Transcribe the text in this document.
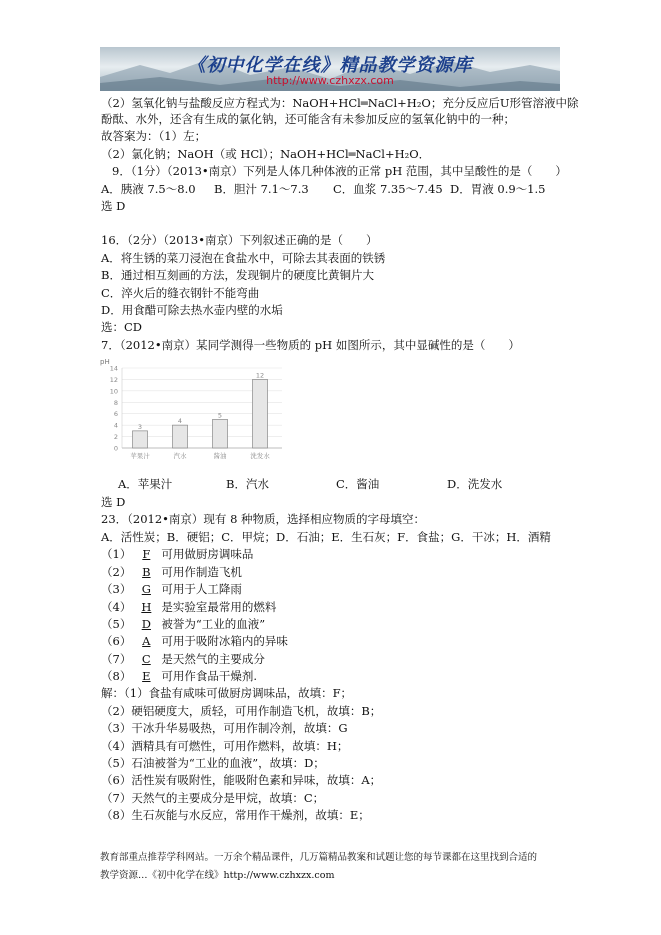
《初中化学在线》精品教学资源库
http://www.czhxzx.com
（2）氢氧化钠与盐酸反应方程式为：NaOH+HCl═NaCl+H₂O；充分反应后U形管溶液中除
酚酞、水外，还含有生成的氯化钠，还可能含有未参加反应的氢氧化钠中的一种；
故答案为：（1）左；
（2）氯化钠；NaOH（或 HCl）；NaOH+HCl═NaCl+H₂O．
9．（1分）（2013•南京）下列是人体几种体液的正常 pH 范围，其中呈酸性的是（　　）
A．胰液 7.5～8.0 B．胆汁 7.1～7.3 C．血浆 7.35～7.45 D．胃液 0.9～1.5
选 D
16．（2分）（2013•南京）下列叙述正确的是（　　）
A．将生锈的菜刀浸泡在食盐水中，可除去其表面的铁锈
B．通过相互刻画的方法，发现铜片的硬度比黄铜片大
C．淬火后的缝衣钢针不能弯曲
D．用食醋可除去热水壶内壁的水垢
选：CD
7．（2012•南京）某同学测得一些物质的 pH 如图所示，其中显碱性的是（　　）
pH
0
2
4
6
8
10
12
14
3
苹果汁
4
汽水
5
酱油
12
洗发水
A．苹果汁	B．汽水	C．酱油	D．洗发水
选 D
23．（2012•南京）现有 8 种物质，选择相应物质的字母填空：
A．活性炭；B．硬铝；C．甲烷；D．石油；E．生石灰；F．食盐；G．干冰；H．酒精
（1） F 可用做厨房调味品
（2） B 可用作制造飞机
（3） G 可用于人工降雨
（4） H 是实验室最常用的燃料
（5） D 被誉为“工业的血液”
（6） A 可用于吸附冰箱内的异味
（7） C 是天然气的主要成分
（8） E 可用作食品干燥剂.
解：（1）食盐有咸味可做厨房调味品，故填：F；
（2）硬铝硬度大，质轻，可用作制造飞机，故填：B；
（3）干冰升华易吸热，可用作制冷剂，故填：G
（4）酒精具有可燃性，可用作燃料，故填：H；
（5）石油被誉为“工业的血液”，故填：D；
（6）活性炭有吸附性，能吸附色素和异味，故填：A；
（7）天然气的主要成分是甲烷，故填：C；
（8）生石灰能与水反应，常用作干燥剂，故填：E；
教育部重点推荐学科网站。一万余个精品课件，几万篇精品教案和试题让您的每节课都在这里找到合适的
教学资源…《初中化学在线》http://www.czhxzx.com
